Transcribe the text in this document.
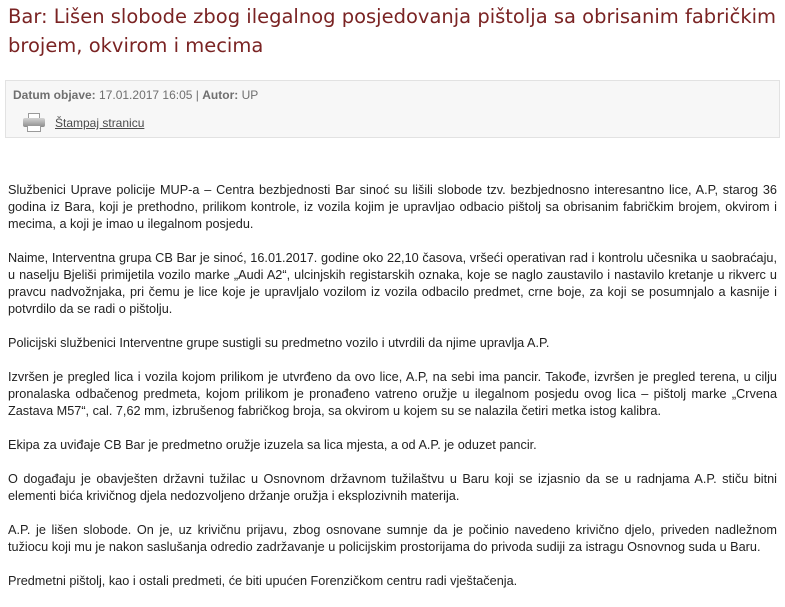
Bar: Lišen slobode zbog ilegalnog posjedovanja pištolja sa obrisanim fabričkim brojem, okvirom i mecima
Datum objave: 17.01.2017 16:05 | Autor: UP
Štampaj stranicu

Službenici Uprave policije MUP-a – Centra bezbjednosti Bar sinoć su lišili slobode tzv. bezbjednosno interesantno lice, A.P, starog 36 godina iz Bara, koji je prethodno, prilikom kontrole, iz vozila kojim je upravljao odbacio pištolj sa obrisanim fabričkim brojem, okvirom i mecima, a koji je imao u ilegalnom posjedu.

Naime, Interventna grupa CB Bar je sinoć, 16.01.2017. godine oko 22,10 časova, vršeći operativan rad i kontrolu učesnika u saobraćaju, u naselju Bjeliši primijetila vozilo marke „Audi A2“, ulcinjskih registarskih oznaka, koje se naglo zaustavilo i nastavilo kretanje u rikverc u pravcu nadvožnjaka, pri čemu je lice koje je upravljalo vozilom iz vozila odbacilo predmet, crne boje, za koji se posumnjalo a kasnije i potvrdilo da se radi o pištolju.

Policijski službenici Interventne grupe sustigli su predmetno vozilo i utvrdili da njime upravlja A.P.

Izvršen je pregled lica i vozila kojom prilikom je utvrđeno da ovo lice, A.P, na sebi ima pancir. Takođe, izvršen je pregled terena, u cilju pronalaska odbačenog predmeta, kojom prilikom je pronađeno vatreno oružje u ilegalnom posjedu ovog lica – pištolj marke „Crvena Zastava M57“, cal. 7,62 mm, izbrušenog fabričkog broja, sa okvirom u kojem su se nalazila četiri metka istog kalibra.

Ekipa za uviđaje CB Bar je predmetno oružje izuzela sa lica mjesta, a od A.P. je oduzet pancir.

O događaju je obavješten državni tužilac u Osnovnom državnom tužilaštvu u Baru koji se izjasnio da se u radnjama A.P. stiču bitni elementi bića krivičnog djela nedozvoljeno držanje oružja i eksplozivnih materija.

A.P. je lišen slobode. On je, uz krivičnu prijavu, zbog osnovane sumnje da je počinio navedeno krivično djelo, priveden nadležnom tužiocu koji mu je nakon saslušanja odredio zadržavanje u policijskim prostorijama do privoda sudiji za istragu Osnovnog suda u Baru.

Predmetni pištolj, kao i ostali predmeti, će biti upućen Forenzičkom centru radi vještačenja.
